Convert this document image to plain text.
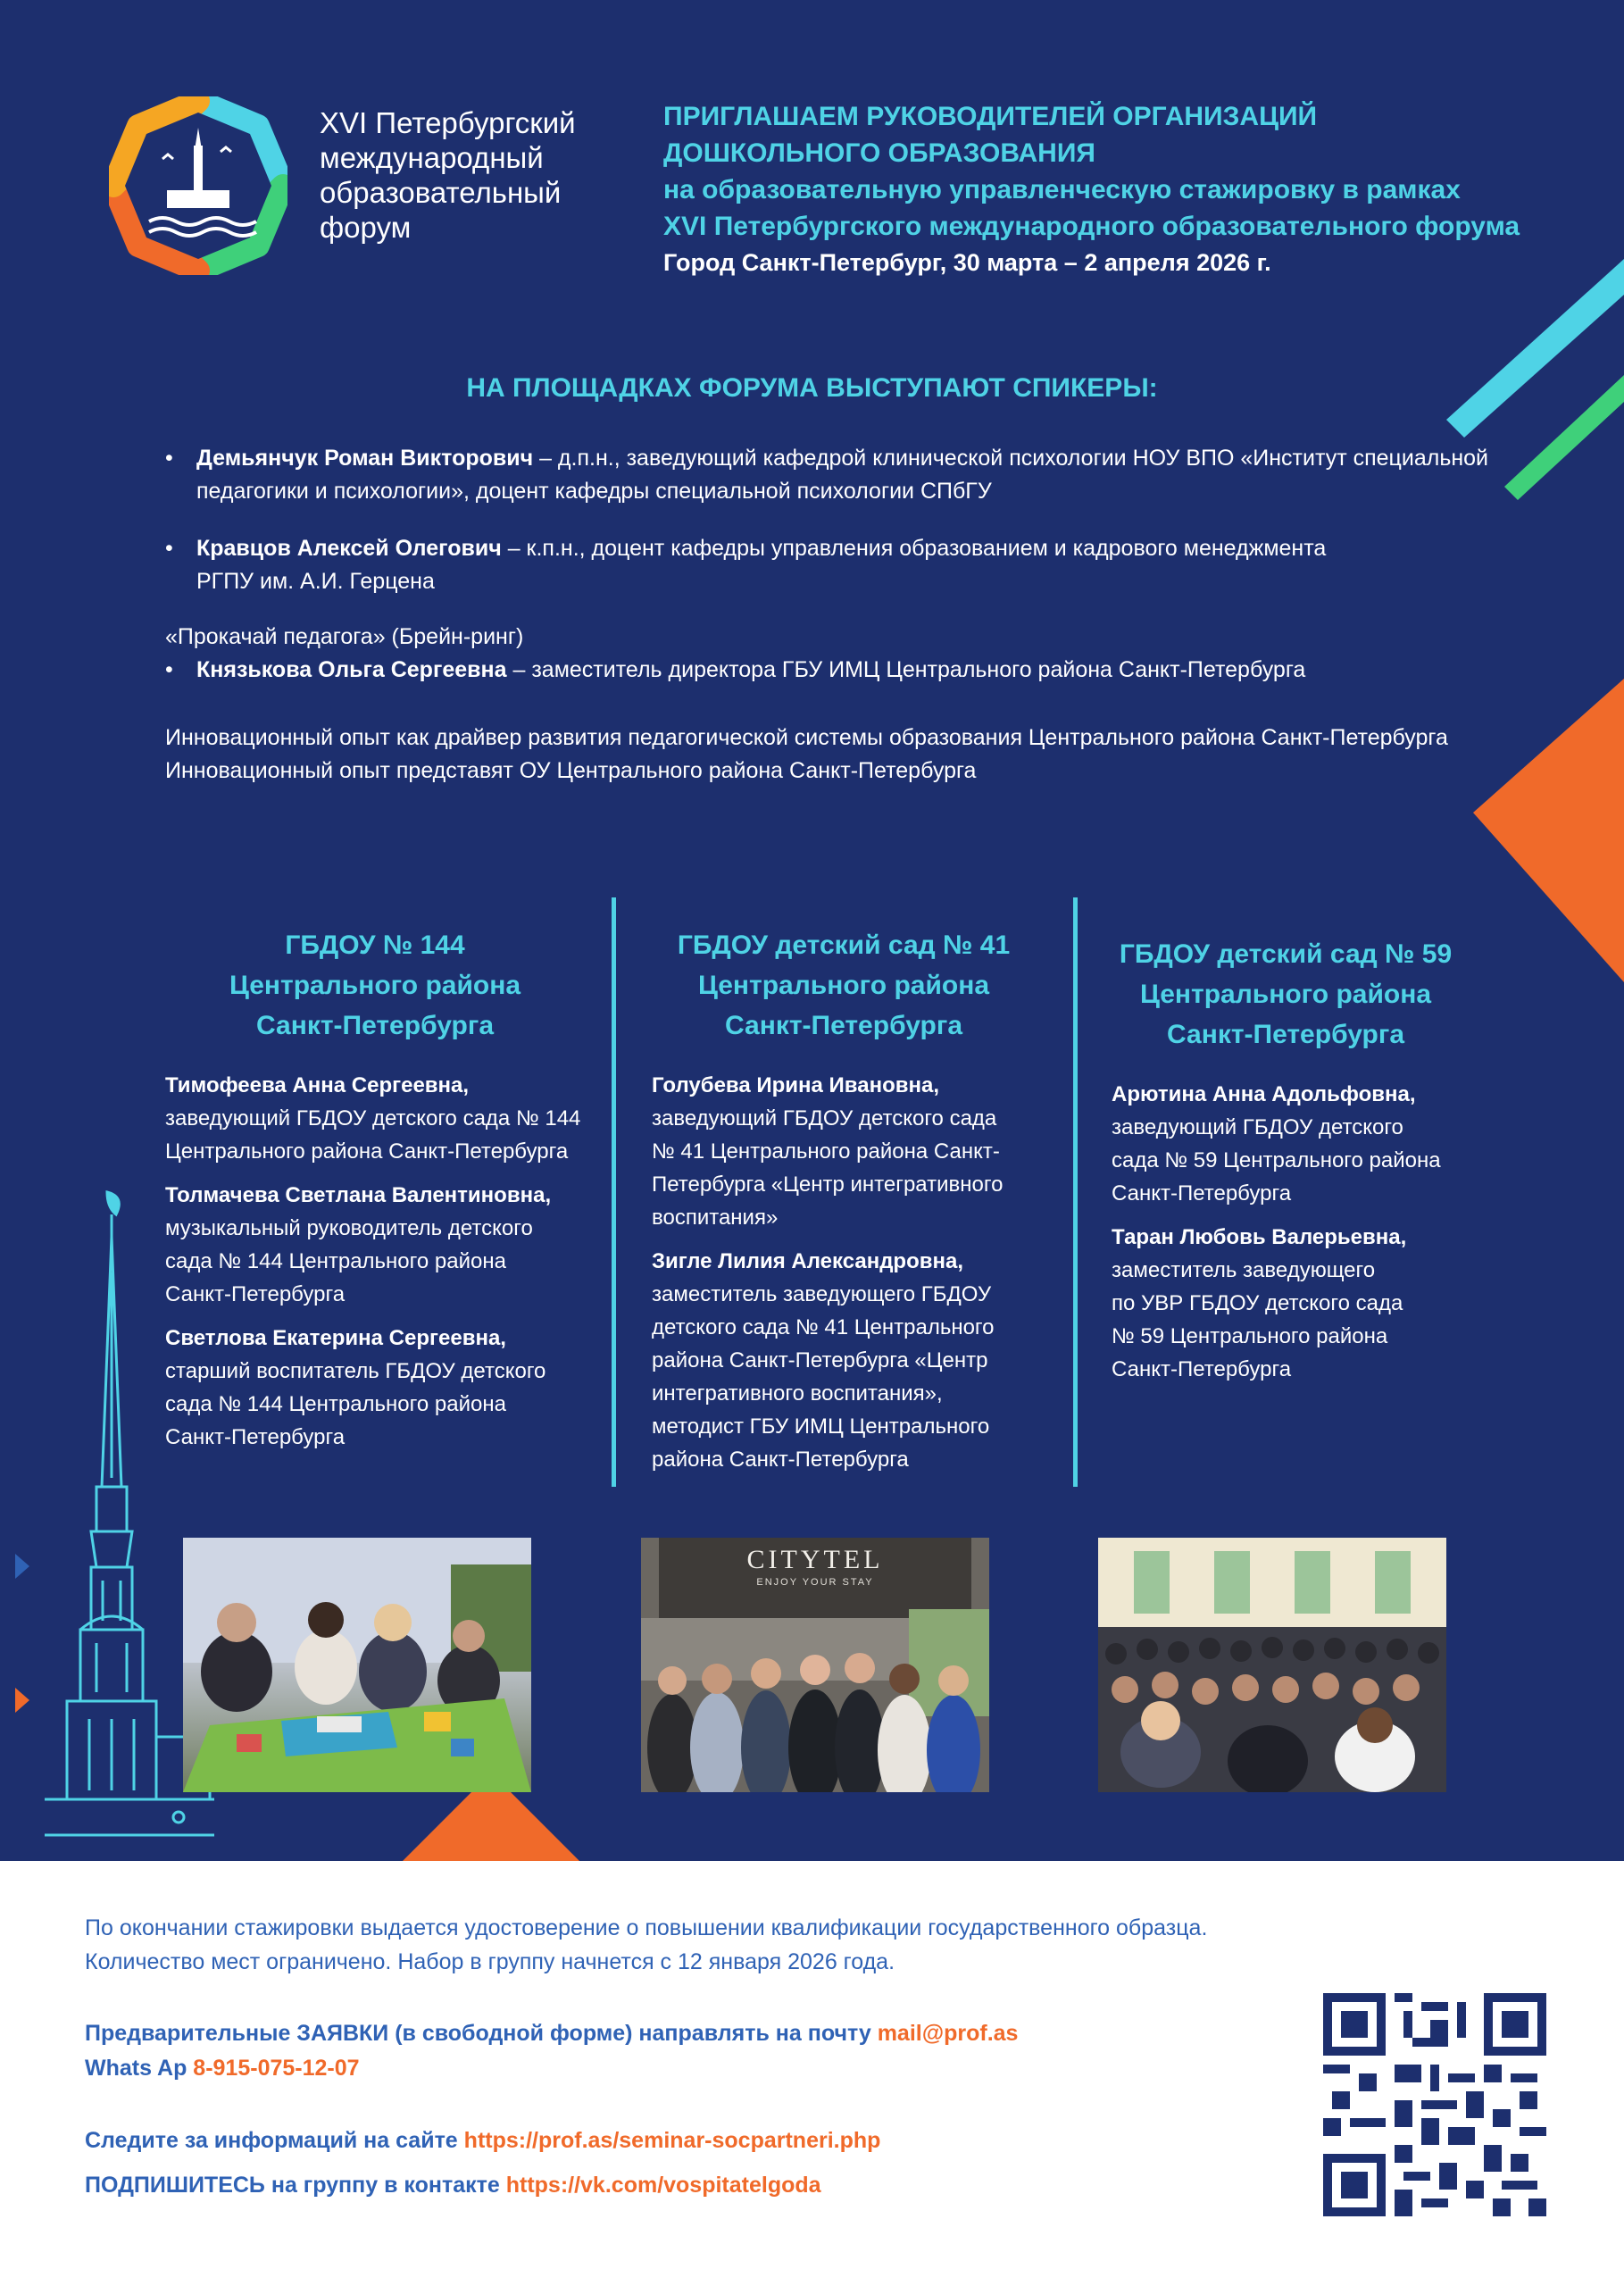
XVI Петербургский
международный
образовательный
форум
ПРИГЛАШАЕМ РУКОВОДИТЕЛЕЙ ОРГАНИЗАЦИЙ
ДОШКОЛЬНОГО ОБРАЗОВАНИЯ
на образовательную управленческую стажировку в рамках
XVI Петербургского международного образовательного форума
Город Санкт-Петербург, 30 марта – 2 апреля 2026 г.
НА ПЛОЩАДКАХ ФОРУМА ВЫСТУПАЮТ СПИКЕРЫ:
• Демьянчук Роман Викторович – д.п.н., заведующий кафедрой клинической психологии НОУ ВПО «Институт специальной
педагогики и психологии», доцент кафедры специальной психологии СПбГУ
• Кравцов Алексей Олегович – к.п.н., доцент кафедры управления образованием и кадрового менеджмента
РГПУ им. А.И. Герцена
«Прокачай педагога» (Брейн-ринг)
• Князькова Ольга Сергеевна – заместитель директора ГБУ ИМЦ Центрального района Санкт-Петербурга
Инновационный опыт как драйвер развития педагогической системы образования Центрального района Санкт-Петербурга
Инновационный опыт представят ОУ Центрального района Санкт-Петербурга
ГБДОУ № 144
Центрального района
Санкт-Петербурга
Тимофеева Анна Сергеевна,
заведующий ГБДОУ детского сада № 144
Центрального района Санкт-Петербурга
Толмачева Светлана Валентиновна,
музыкальный руководитель детского
сада № 144 Центрального района
Санкт-Петербурга
Светлова Екатерина Сергеевна,
старший воспитатель ГБДОУ детского
сада № 144 Центрального района
Санкт-Петербурга
ГБДОУ детский сад № 41
Центрального района
Санкт-Петербурга
Голубева Ирина Ивановна,
заведующий ГБДОУ детского сада
№ 41 Центрального района Санкт-
Петербурга «Центр интегративного
воспитания»
Зигле Лилия Александровна,
заместитель заведующего ГБДОУ
детского сада № 41 Центрального
района Санкт-Петербурга «Центр
интегративного воспитания»,
методист ГБУ ИМЦ Центрального
района Санкт-Петербурга
ГБДОУ детский сад № 59
Центрального района
Санкт-Петербурга
Арютина Анна Адольфовна,
заведующий ГБДОУ детского
сада № 59 Центрального района
Санкт-Петербурга
Таран Любовь Валерьевна,
заместитель заведующего
по УВР ГБДОУ детского сада
№ 59 Центрального района
Санкт-Петербурга
CITYTEL
ENJOY YOUR STAY
По окончании стажировки выдается удостоверение о повышении квалификации государственного образца.
Количество мест ограничено. Набор в группу начнется с 12 января 2026 года.
Предварительные ЗАЯВКИ (в свободной форме) направлять на почту mail@prof.as
Whats Ap 8-915-075-12-07
Следите за информаций на сайте https://prof.as/seminar-socpartneri.php
ПОДПИШИТЕСЬ на группу в контакте https://vk.com/vospitatelgoda
